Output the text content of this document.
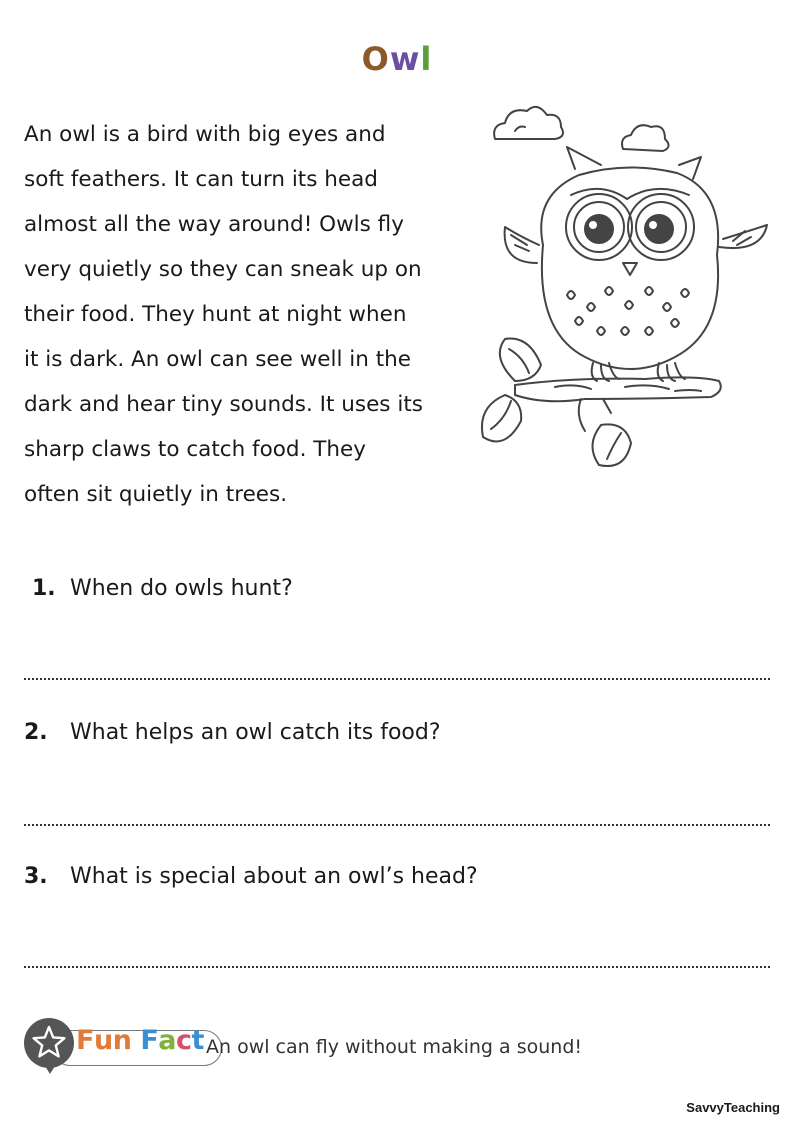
Owl

An owl is a bird with big eyes and
soft feathers. It can turn its head
almost all the way around! Owls fly
very quietly so they can sneak up on
their food. They hunt at night when
it is dark. An owl can see well in the
dark and hear tiny sounds. It uses its
sharp claws to catch food. They
often sit quietly in trees.

1. When do owls hunt?
2. What helps an owl catch its food?
3. What is special about an owl’s head?
Fun Fact An owl can fly without making a sound!
SavvyTeaching
